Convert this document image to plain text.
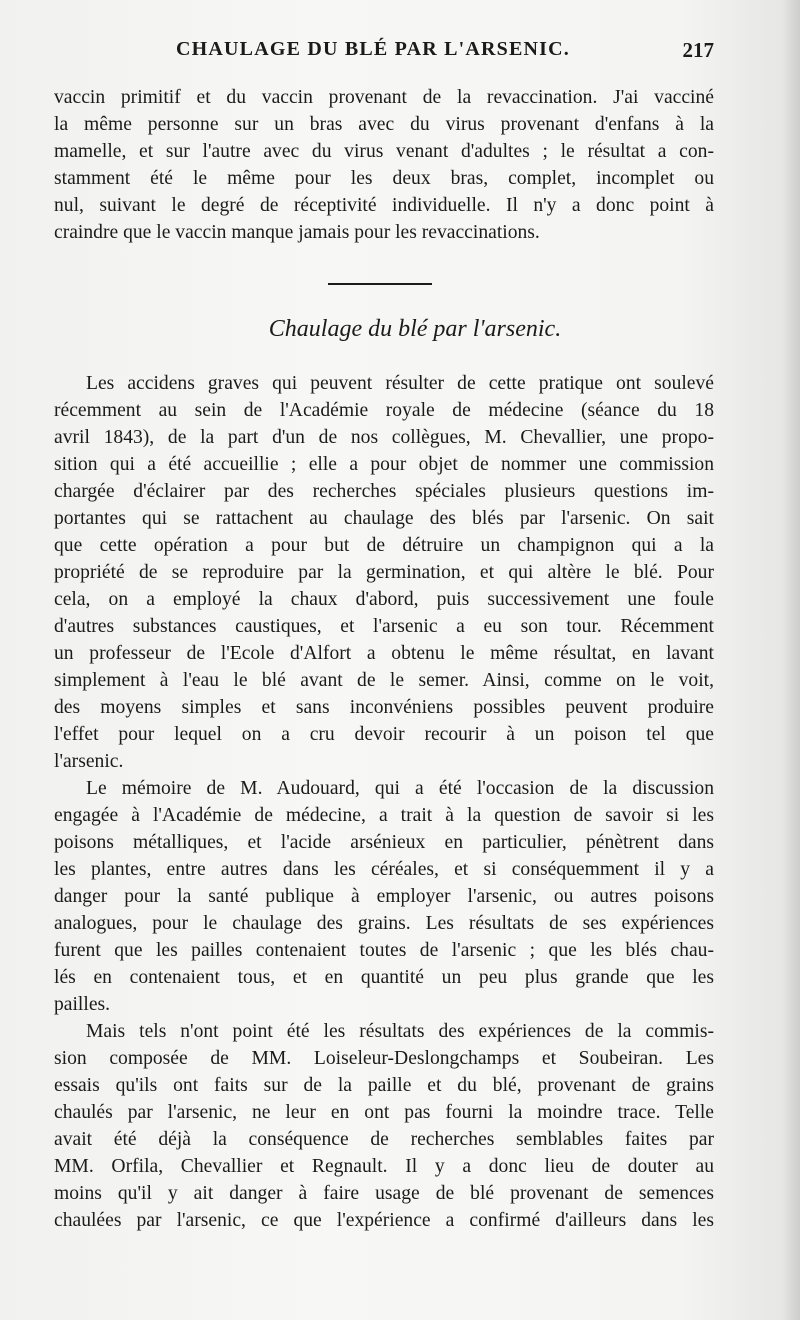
CHAULAGE DU BLÉ PAR L'ARSENIC.	217
vaccin primitif et du vaccin provenant de la revaccination. J'ai vacciné
la même personne sur un bras avec du virus provenant d'enfans à la
mamelle, et sur l'autre avec du virus venant d'adultes ; le résultat a con-
stamment été le même pour les deux bras, complet, incomplet ou
nul, suivant le degré de réceptivité individuelle. Il n'y a donc point à
craindre que le vaccin manque jamais pour les revaccinations.
Chaulage du blé par l'arsenic.
Les accidens graves qui peuvent résulter de cette pratique ont soulevé
récemment au sein de l'Académie royale de médecine (séance du 18
avril 1843), de la part d'un de nos collègues, M. Chevallier, une propo-
sition qui a été accueillie ; elle a pour objet de nommer une commission
chargée d'éclairer par des recherches spéciales plusieurs questions im-
portantes qui se rattachent au chaulage des blés par l'arsenic. On sait
que cette opération a pour but de détruire un champignon qui a la
propriété de se reproduire par la germination, et qui altère le blé. Pour
cela, on a employé la chaux d'abord, puis successivement une foule
d'autres substances caustiques, et l'arsenic a eu son tour. Récemment
un professeur de l'Ecole d'Alfort a obtenu le même résultat, en lavant
simplement à l'eau le blé avant de le semer. Ainsi, comme on le voit,
des moyens simples et sans inconvéniens possibles peuvent produire
l'effet pour lequel on a cru devoir recourir à un poison tel que
l'arsenic.
Le mémoire de M. Audouard, qui a été l'occasion de la discussion
engagée à l'Académie de médecine, a trait à la question de savoir si les
poisons métalliques, et l'acide arsénieux en particulier, pénètrent dans
les plantes, entre autres dans les céréales, et si conséquemment il y a
danger pour la santé publique à employer l'arsenic, ou autres poisons
analogues, pour le chaulage des grains. Les résultats de ses expériences
furent que les pailles contenaient toutes de l'arsenic ; que les blés chau-
lés en contenaient tous, et en quantité un peu plus grande que les
pailles.
Mais tels n'ont point été les résultats des expériences de la commis-
sion composée de MM. Loiseleur-Deslongchamps et Soubeiran. Les
essais qu'ils ont faits sur de la paille et du blé, provenant de grains
chaulés par l'arsenic, ne leur en ont pas fourni la moindre trace. Telle
avait été déjà la conséquence de recherches semblables faites par
MM. Orfila, Chevallier et Regnault. Il y a donc lieu de douter au
moins qu'il y ait danger à faire usage de blé provenant de semences
chaulées par l'arsenic, ce que l'expérience a confirmé d'ailleurs dans les
